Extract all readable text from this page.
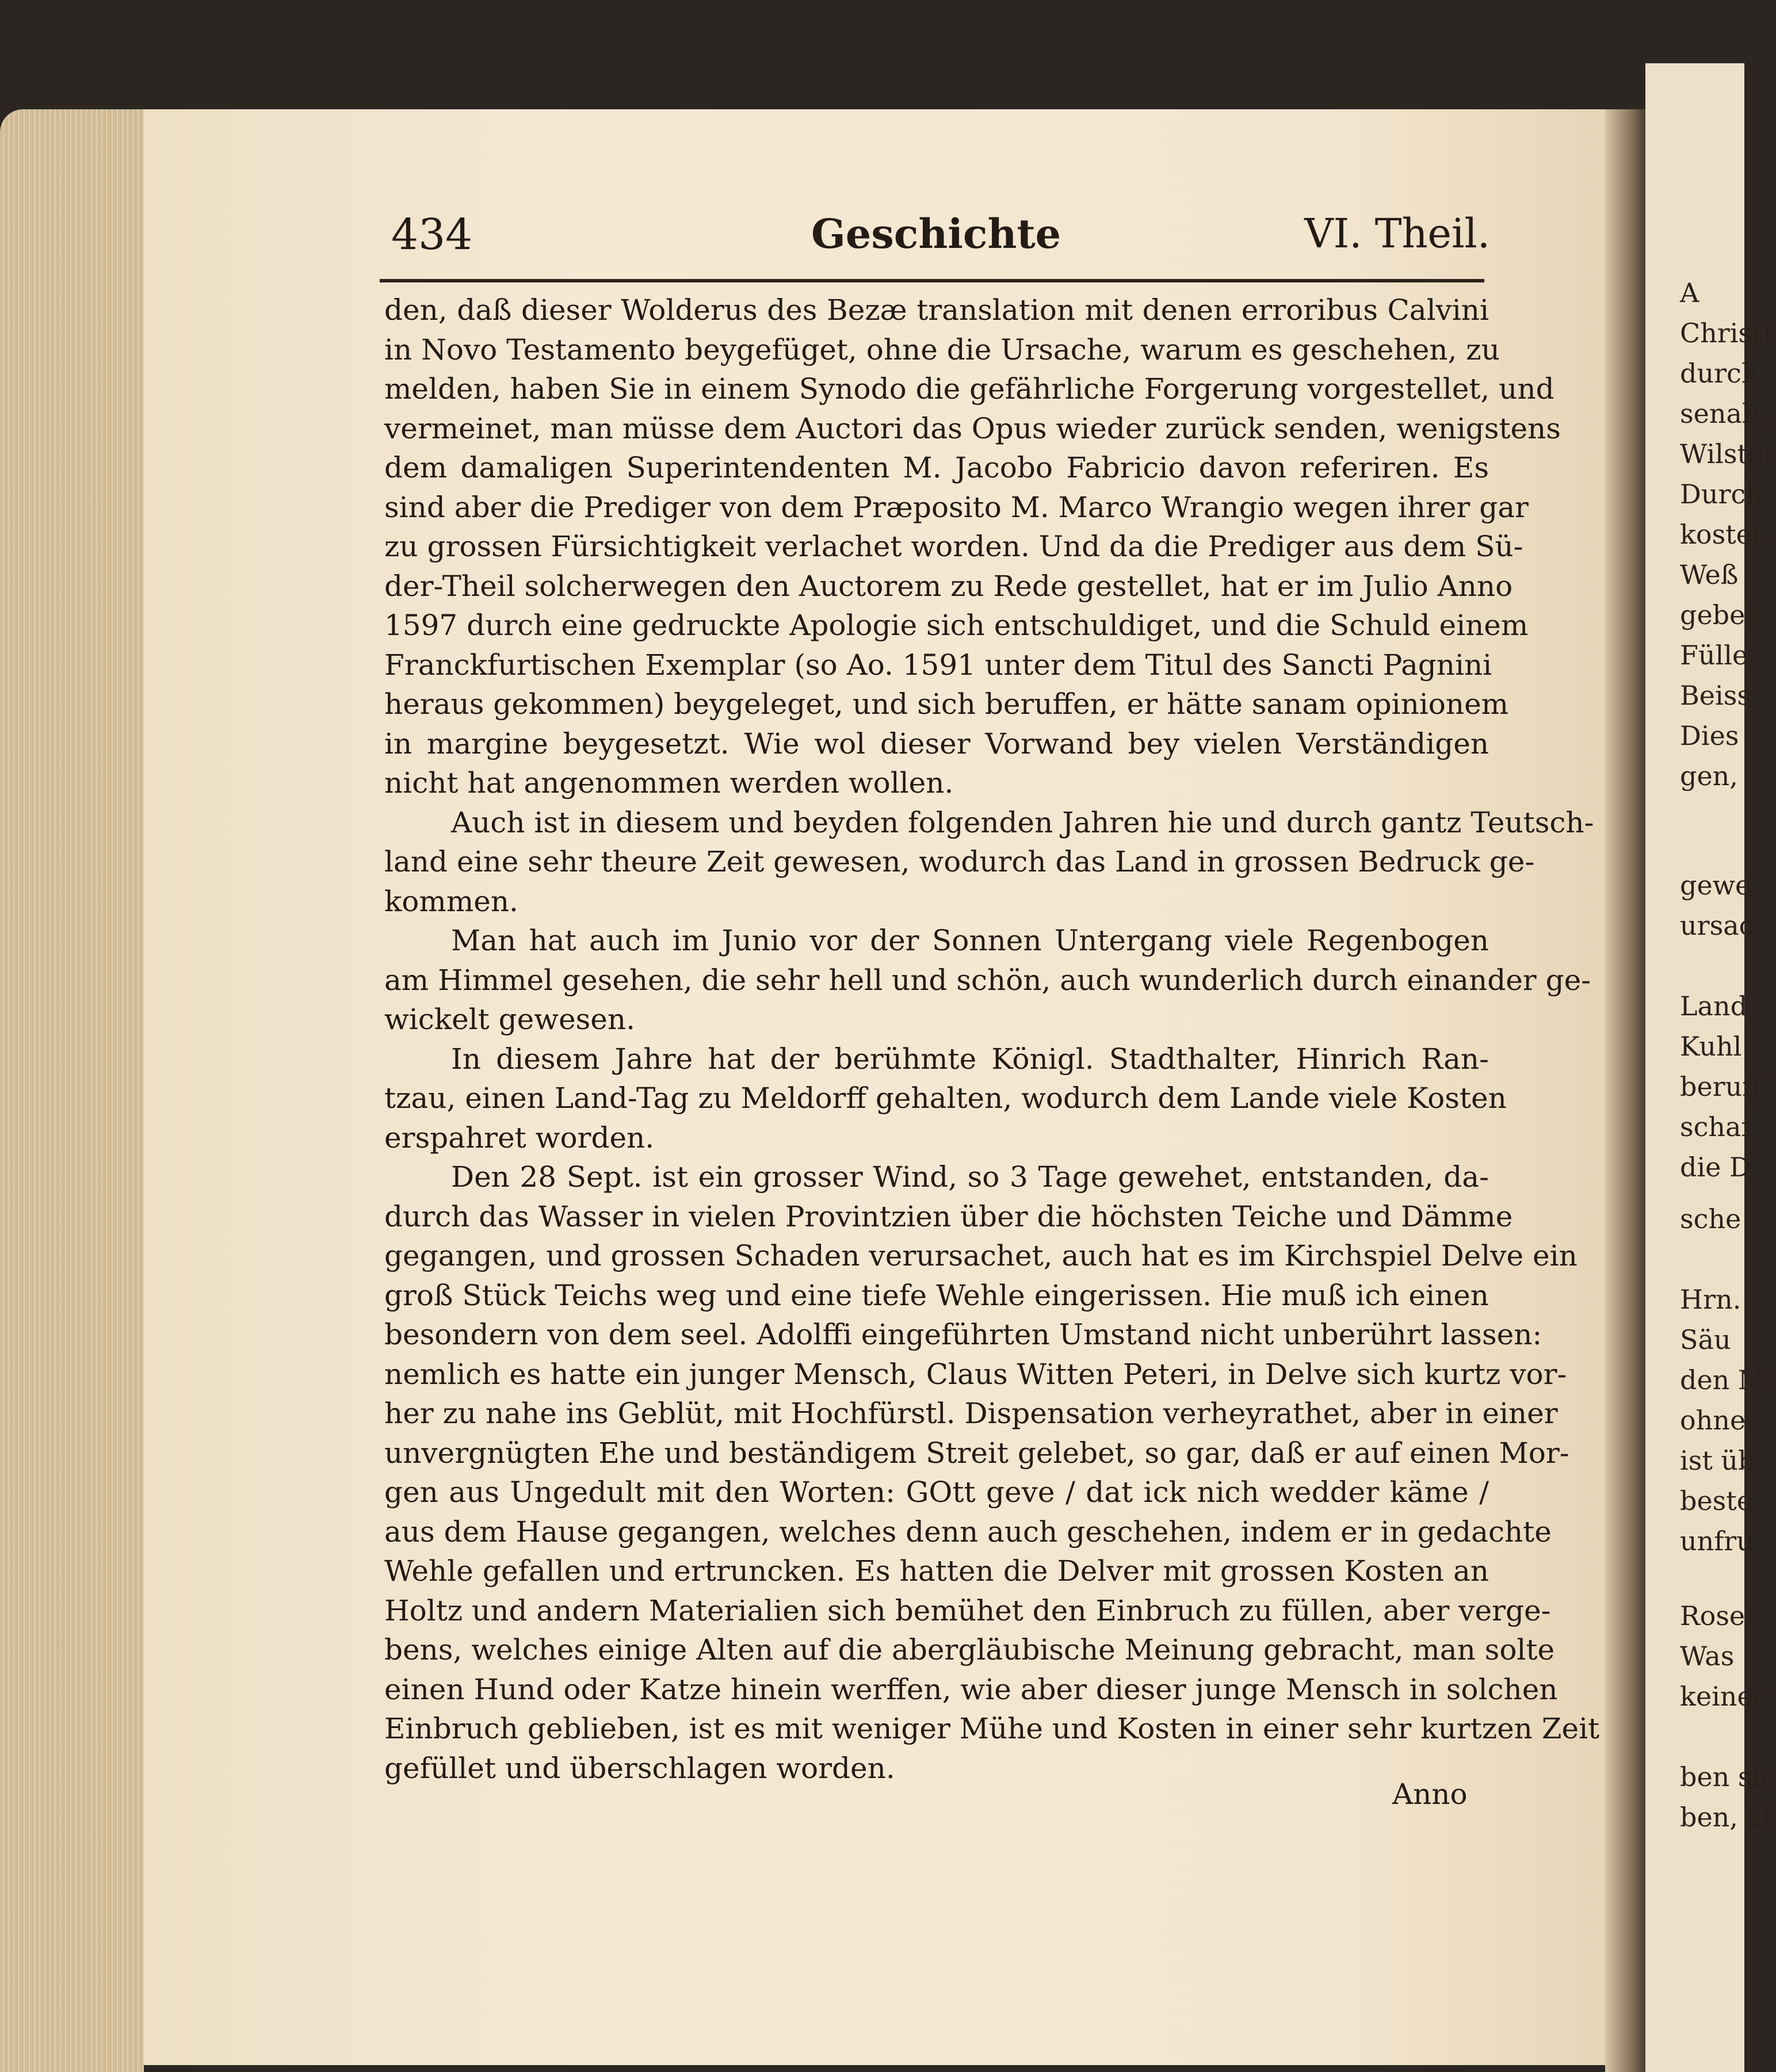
A
Christi
durch
senab,
Wilster
Durch
kostet
Weß
gebell
Fülle
Beiss
Dies
gen,
gewe
ursac
Land
Kuhl
beruff
schaf
die D
sche
Hrn.
Säu
den M
ohne
ist üb
beste
unfru
Rose
Was
keiner
ben sic
ben, al
434	Geschichte	VI. Theil.
den, daß dieser Wolderus des Bezæ translation mit denen erroribus Calvini
in Novo Testamento beygefüget, ohne die Ursache, warum es geschehen, zu
melden, haben Sie in einem Synodo die gefährliche Forgerung vorgestellet, und
vermeinet, man müsse dem Auctori das Opus wieder zurück senden, wenigstens
dem damaligen Superintendenten M. Jacobo Fabricio davon referiren. Es
sind aber die Prediger von dem Præposito M. Marco Wrangio wegen ihrer gar
zu grossen Fürsichtigkeit verlachet worden. Und da die Prediger aus dem Sü-
der-Theil solcherwegen den Auctorem zu Rede gestellet, hat er im Julio Anno
1597 durch eine gedruckte Apologie sich entschuldiget, und die Schuld einem
Franckfurtischen Exemplar (so Ao. 1591 unter dem Titul des Sancti Pagnini
heraus gekommen) beygeleget, und sich beruffen, er hätte sanam opinionem
in margine beygesetzt. Wie wol dieser Vorwand bey vielen Verständigen
nicht hat angenommen werden wollen.
Auch ist in diesem und beyden folgenden Jahren hie und durch gantz Teutsch-
land eine sehr theure Zeit gewesen, wodurch das Land in grossen Bedruck ge-
kommen.
Man hat auch im Junio vor der Sonnen Untergang viele Regenbogen
am Himmel gesehen, die sehr hell und schön, auch wunderlich durch einander ge-
wickelt gewesen.
In diesem Jahre hat der berühmte Königl. Stadthalter, Hinrich Ran-
tzau, einen Land-Tag zu Meldorff gehalten, wodurch dem Lande viele Kosten
erspahret worden.
Den 28 Sept. ist ein grosser Wind, so 3 Tage gewehet, entstanden, da-
durch das Wasser in vielen Provintzien über die höchsten Teiche und Dämme
gegangen, und grossen Schaden verursachet, auch hat es im Kirchspiel Delve ein
groß Stück Teichs weg und eine tiefe Wehle eingerissen. Hie muß ich einen
besondern von dem seel. Adolffi eingeführten Umstand nicht unberührt lassen:
nemlich es hatte ein junger Mensch, Claus Witten Peteri, in Delve sich kurtz vor-
her zu nahe ins Geblüt, mit Hochfürstl. Dispensation verheyrathet, aber in einer
unvergnügten Ehe und beständigem Streit gelebet, so gar, daß er auf einen Mor-
gen aus Ungedult mit den Worten: GOtt geve / dat ick nich wedder käme /
aus dem Hause gegangen, welches denn auch geschehen, indem er in gedachte
Wehle gefallen und ertruncken. Es hatten die Delver mit grossen Kosten an
Holtz und andern Materialien sich bemühet den Einbruch zu füllen, aber verge-
bens, welches einige Alten auf die abergläubische Meinung gebracht, man solte
einen Hund oder Katze hinein werffen, wie aber dieser junge Mensch in solchen
Einbruch geblieben, ist es mit weniger Mühe und Kosten in einer sehr kurtzen Zeit
gefüllet und überschlagen worden.
Anno
